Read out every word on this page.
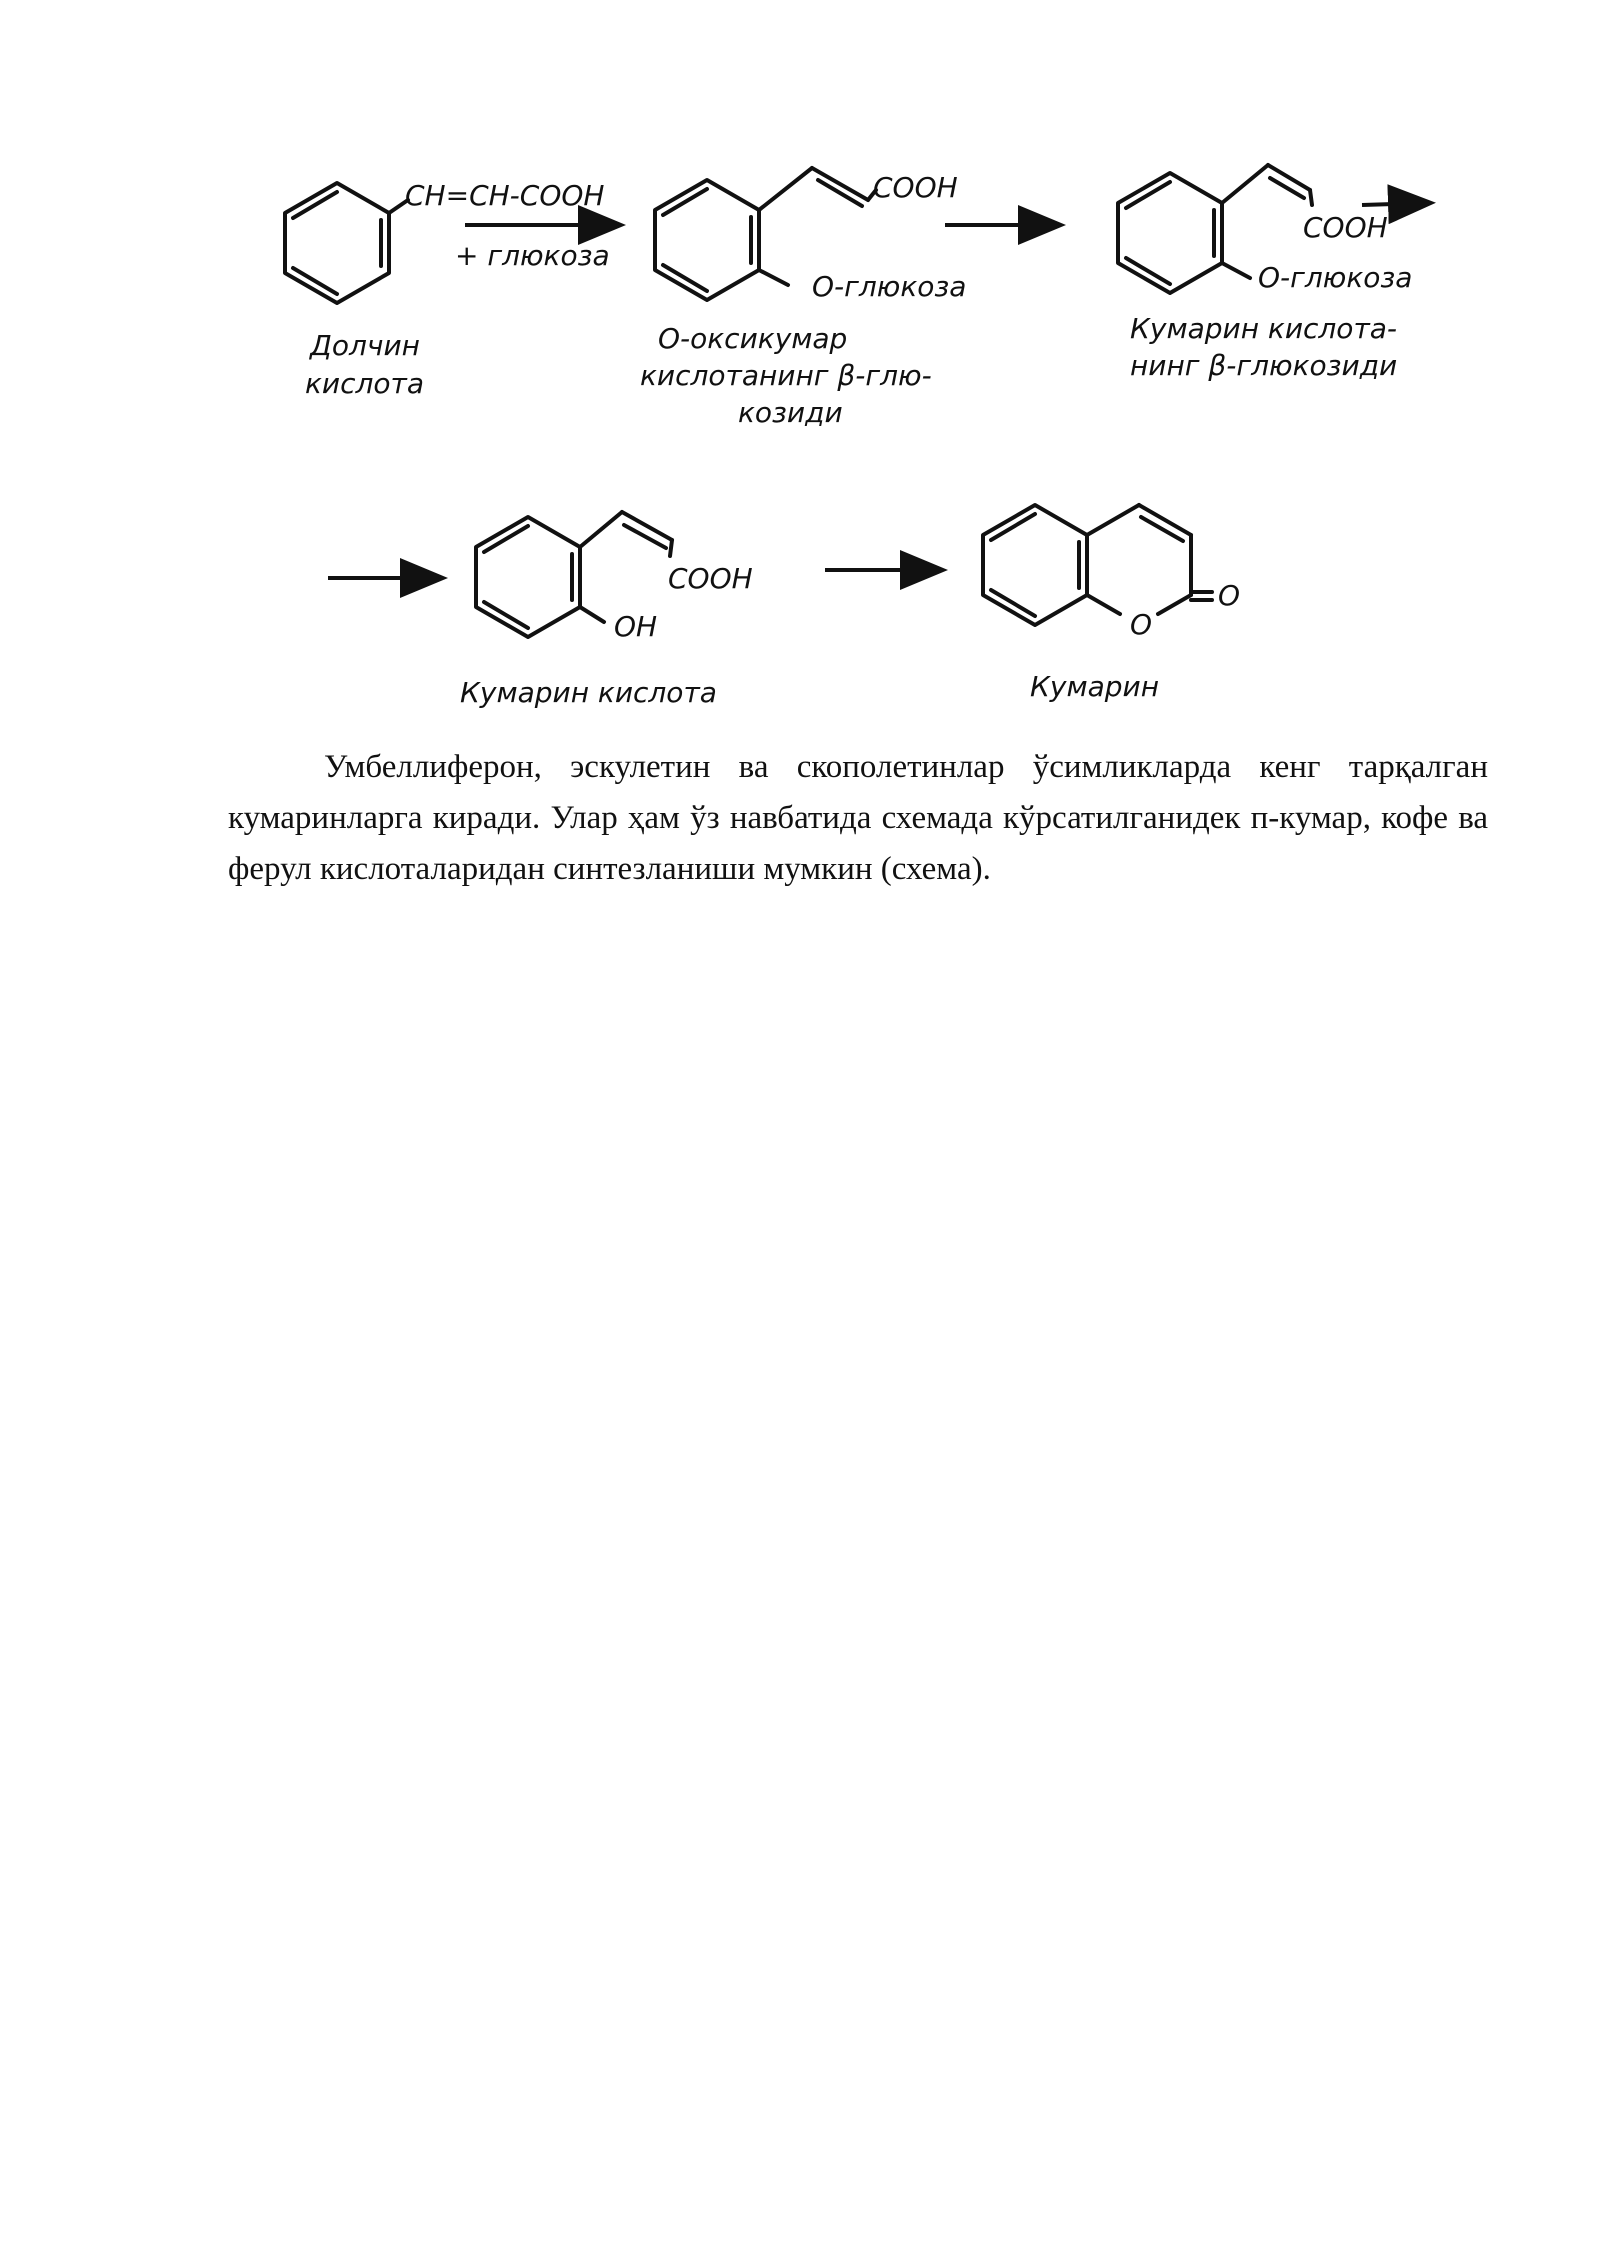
CH=CH-COOH
+ глюкоза
COOH
O-глюкоза
COOH
O-глюкоза
Долчин
кислота
O-оксикумар
кислотанинг β-глю-
козиди
Кумарин кислота-
нинг β-глюкозиди
COOH
OH	O
O
Кумарин кислота	Кумарин

Умбеллиферон, эскулетин ва скополетинлар ўсимликларда кенг тарқалган кумаринларга киради. Улар ҳам ўз навбатида схемада кўрсатилганидек п-кумар, кофе ва ферул кислоталаридан синтезланиши мумкин (схема).
